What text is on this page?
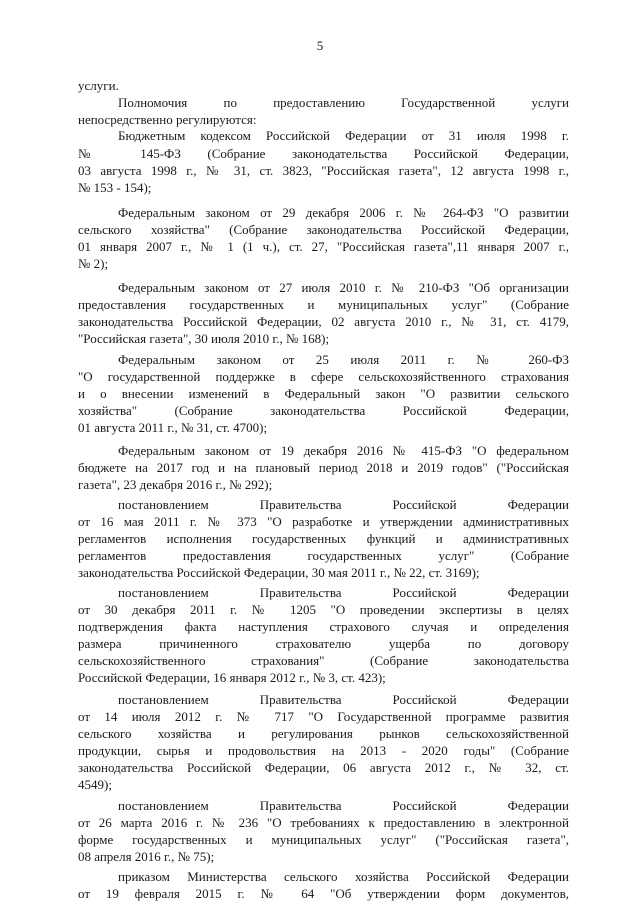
5
услуги.
Полномочия по предоставлению Государственной услуги
непосредственно регулируются:
Бюджетным кодексом Российской Федерации от 31 июля 1998 г.
№ 145-ФЗ (Собрание законодательства Российской Федерации,
03 августа 1998 г., № 31, ст. 3823, "Российская газета", 12 августа 1998 г.,
№ 153 - 154);
Федеральным законом от 29 декабря 2006 г. № 264-ФЗ "О развитии
сельского хозяйства" (Собрание законодательства Российской Федерации,
01 января 2007 г., № 1 (1 ч.), ст. 27, "Российская газета",11 января 2007 г.,
№ 2);
Федеральным законом от 27 июля 2010 г. № 210-ФЗ "Об организации
предоставления государственных и муниципальных услуг" (Собрание
законодательства Российской Федерации, 02 августа 2010 г., № 31, ст. 4179,
"Российская газета", 30 июля 2010 г., № 168);
Федеральным законом от 25 июля 2011 г. № 260-ФЗ
"О государственной поддержке в сфере сельскохозяйственного страхования
и о внесении изменений в Федеральный закон "О развитии сельского
хозяйства" (Собрание законодательства Российской Федерации,
01 августа 2011 г., № 31, ст. 4700);
Федеральным законом от 19 декабря 2016 № 415-ФЗ "О федеральном
бюджете на 2017 год и на плановый период 2018 и 2019 годов" ("Российская
газета", 23 декабря 2016 г., № 292);
постановлением Правительства Российской Федерации
от 16 мая 2011 г. № 373 "О разработке и утверждении административных
регламентов исполнения государственных функций и административных
регламентов предоставления государственных услуг" (Собрание
законодательства Российской Федерации, 30 мая 2011 г., № 22, ст. 3169);
постановлением Правительства Российской Федерации
от 30 декабря 2011 г. № 1205 "О проведении экспертизы в целях
подтверждения факта наступления страхового случая и определения
размера причиненного страхователю ущерба по договору
сельскохозяйственного страхования" (Собрание законодательства
Российской Федерации, 16 января 2012 г., № 3, ст. 423);
постановлением Правительства Российской Федерации
от 14 июля 2012 г. № 717 "О Государственной программе развития
сельского хозяйства и регулирования рынков сельскохозяйственной
продукции, сырья и продовольствия на 2013 - 2020 годы" (Собрание
законодательства Российской Федерации, 06 августа 2012 г., № 32, ст.
4549);
постановлением Правительства Российской Федерации
от 26 марта 2016 г. № 236 "О требованиях к предоставлению в электронной
форме государственных и муниципальных услуг" ("Российская газета",
08 апреля 2016 г., № 75);
приказом Министерства сельского хозяйства Российской Федерации
от 19 февраля 2015 г. № 64 "Об утверждении форм документов,
